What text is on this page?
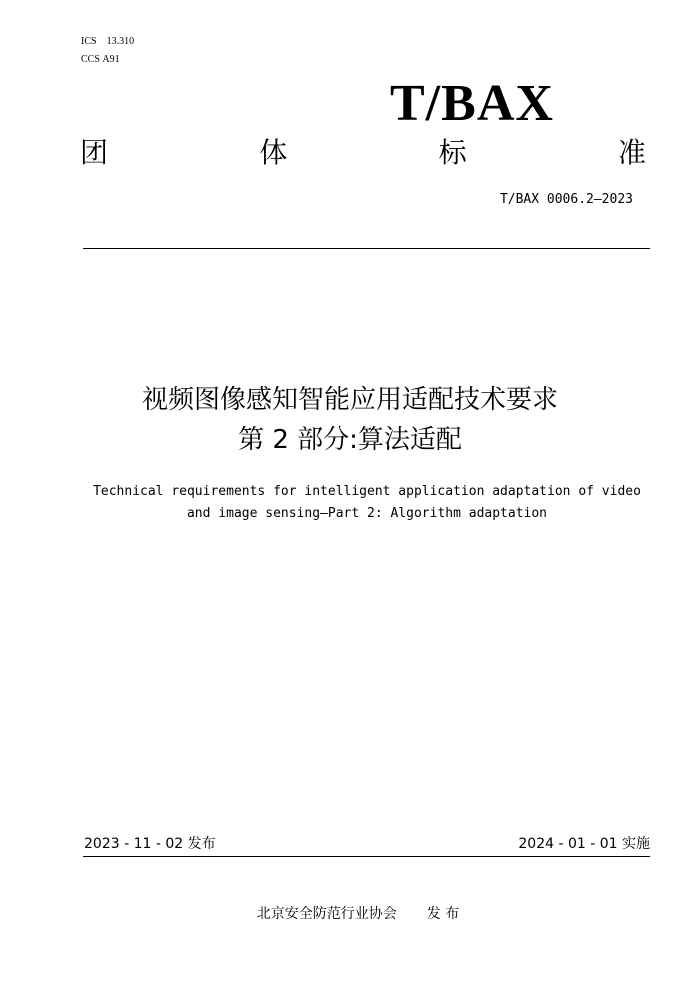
ICS 13.310
CCS A91
T/BAX
团	体	标	准
T/BAX 0006.2—2023
视频图像感知智能应用适配技术要求
第 2 部分:算法适配
Technical requirements for intelligent application adaptation of video
and image sensing—Part 2: Algorithm adaptation
2023 - 11 - 02 发布	2024 - 01 - 01 实施
北京安全防范行业协会 发 布
